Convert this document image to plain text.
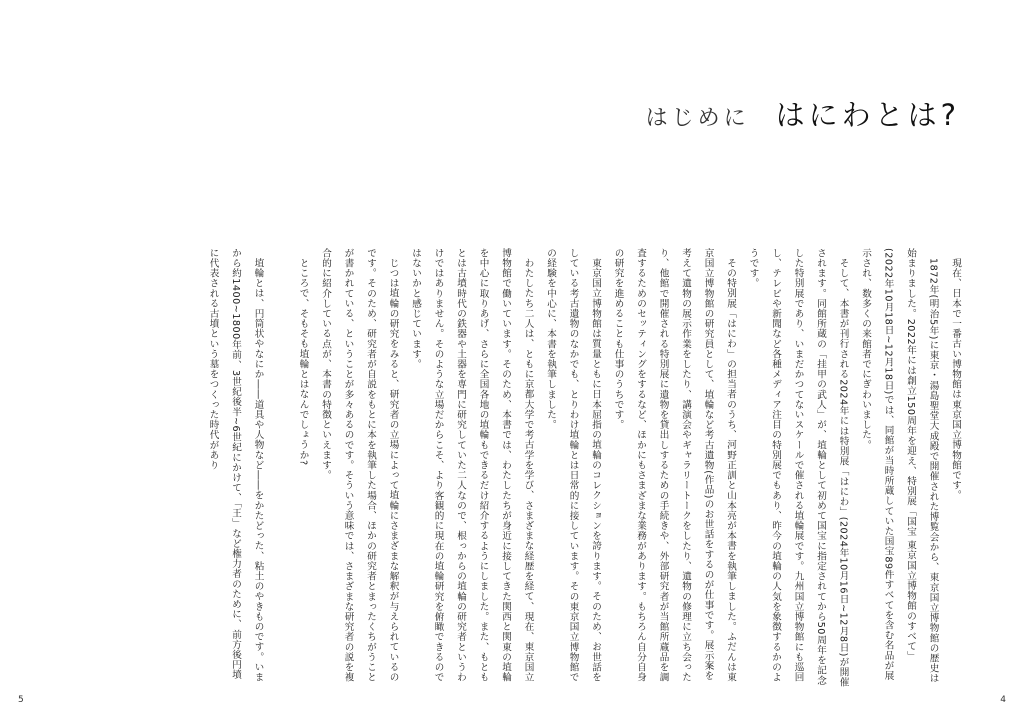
はじめに はにわとは?

現在、日本で一番古い博物館は東京国立博物館です。

1872年(明治5年)に東京・湯島聖堂大成殿で開催された博覧会から、東京国立博物館の歴史は始まりました。2022年には創立150周年を迎え、特別展「国宝 東京国立博物館のすべて」(2022年10月18日~12月18日)では、同館が当時所蔵していた国宝89件すべてを含む名品が展示され、数多くの来館者でにぎわいました。

そして、本書が刊行される2024年には特別展「はにわ」(2024年10月16日~12月8日)が開催されます。同館所蔵の「挂甲の武人」が、埴輪として初めて国宝に指定されてから50周年を記念した特別展であり、いまだかつてないスケールで催される埴輪展です。九州国立博物館にも巡回し、テレビや新聞など各種メディア注目の特別展でもあり、昨今の埴輪の人気を象徴するかのようです。

その特別展「はにわ」の担当者のうち、河野正訓と山本亮が本書を執筆しました。ふだんは東京国立博物館の研究員として、埴輪など考古遺物(作品)のお世話をするのが仕事です。展示案を考えて遺物の展示作業をしたり、講演会やギャラリートークをしたり、遺物の修理に立ち会ったり、他館で開催される特別展に遺物を貸出しするための手続きや、外部研究者が当館所蔵品を調査するためのセッティングをするなど、ほかにもさまざまな業務があります。もちろん自分自身の研究を進めることも仕事のうちです。

東京国立博物館は質量ともに日本屈指の埴輪のコレクションを誇ります。そのため、お世話をしている考古遺物のなかでも、とりわけ埴輪とは日常的に接しています。その東京国立博物館での経験を中心に、本書を執筆しました。

わたしたち二人は、ともに京都大学で考古学を学び、さまざまな経歴を経て、現在、東京国立博物館で働いています。そのため、本書では、わたしたちが身近に接してきた関西と関東の埴輪を中心に取りあげ、さらに全国各地の埴輪もできるだけ紹介するようにしました。また、もともとは古墳時代の鉄器や土器を専門に研究していた二人なので、根っからの埴輪の研究者というわけではありません。そのような立場だからこそ、より客観的に現在の埴輪研究を俯瞰できるのではないかと感じています。

じつは埴輪の研究をみると、研究者の立場によって埴輪にさまざまな解釈が与えられているのです。そのため、研究者が自説をもとに本を執筆した場合、ほかの研究者とまったくちがうことが書かれている、ということが多々あるのです。そういう意味では、さまざまな研究者の説を複合的に紹介している点が、本書の特徴といえます。

ところで、そもそも埴輪とはなんでしょうか?

埴輪とは、円筒状やなにか――道具や人物など――をかたどった、粘土のやきものです。いまから約1400~1800年前、3世紀後半~6世紀にかけて、「王」など権力者のために、前方後円墳に代表される古墳という墓をつくった時代があり

5	4
